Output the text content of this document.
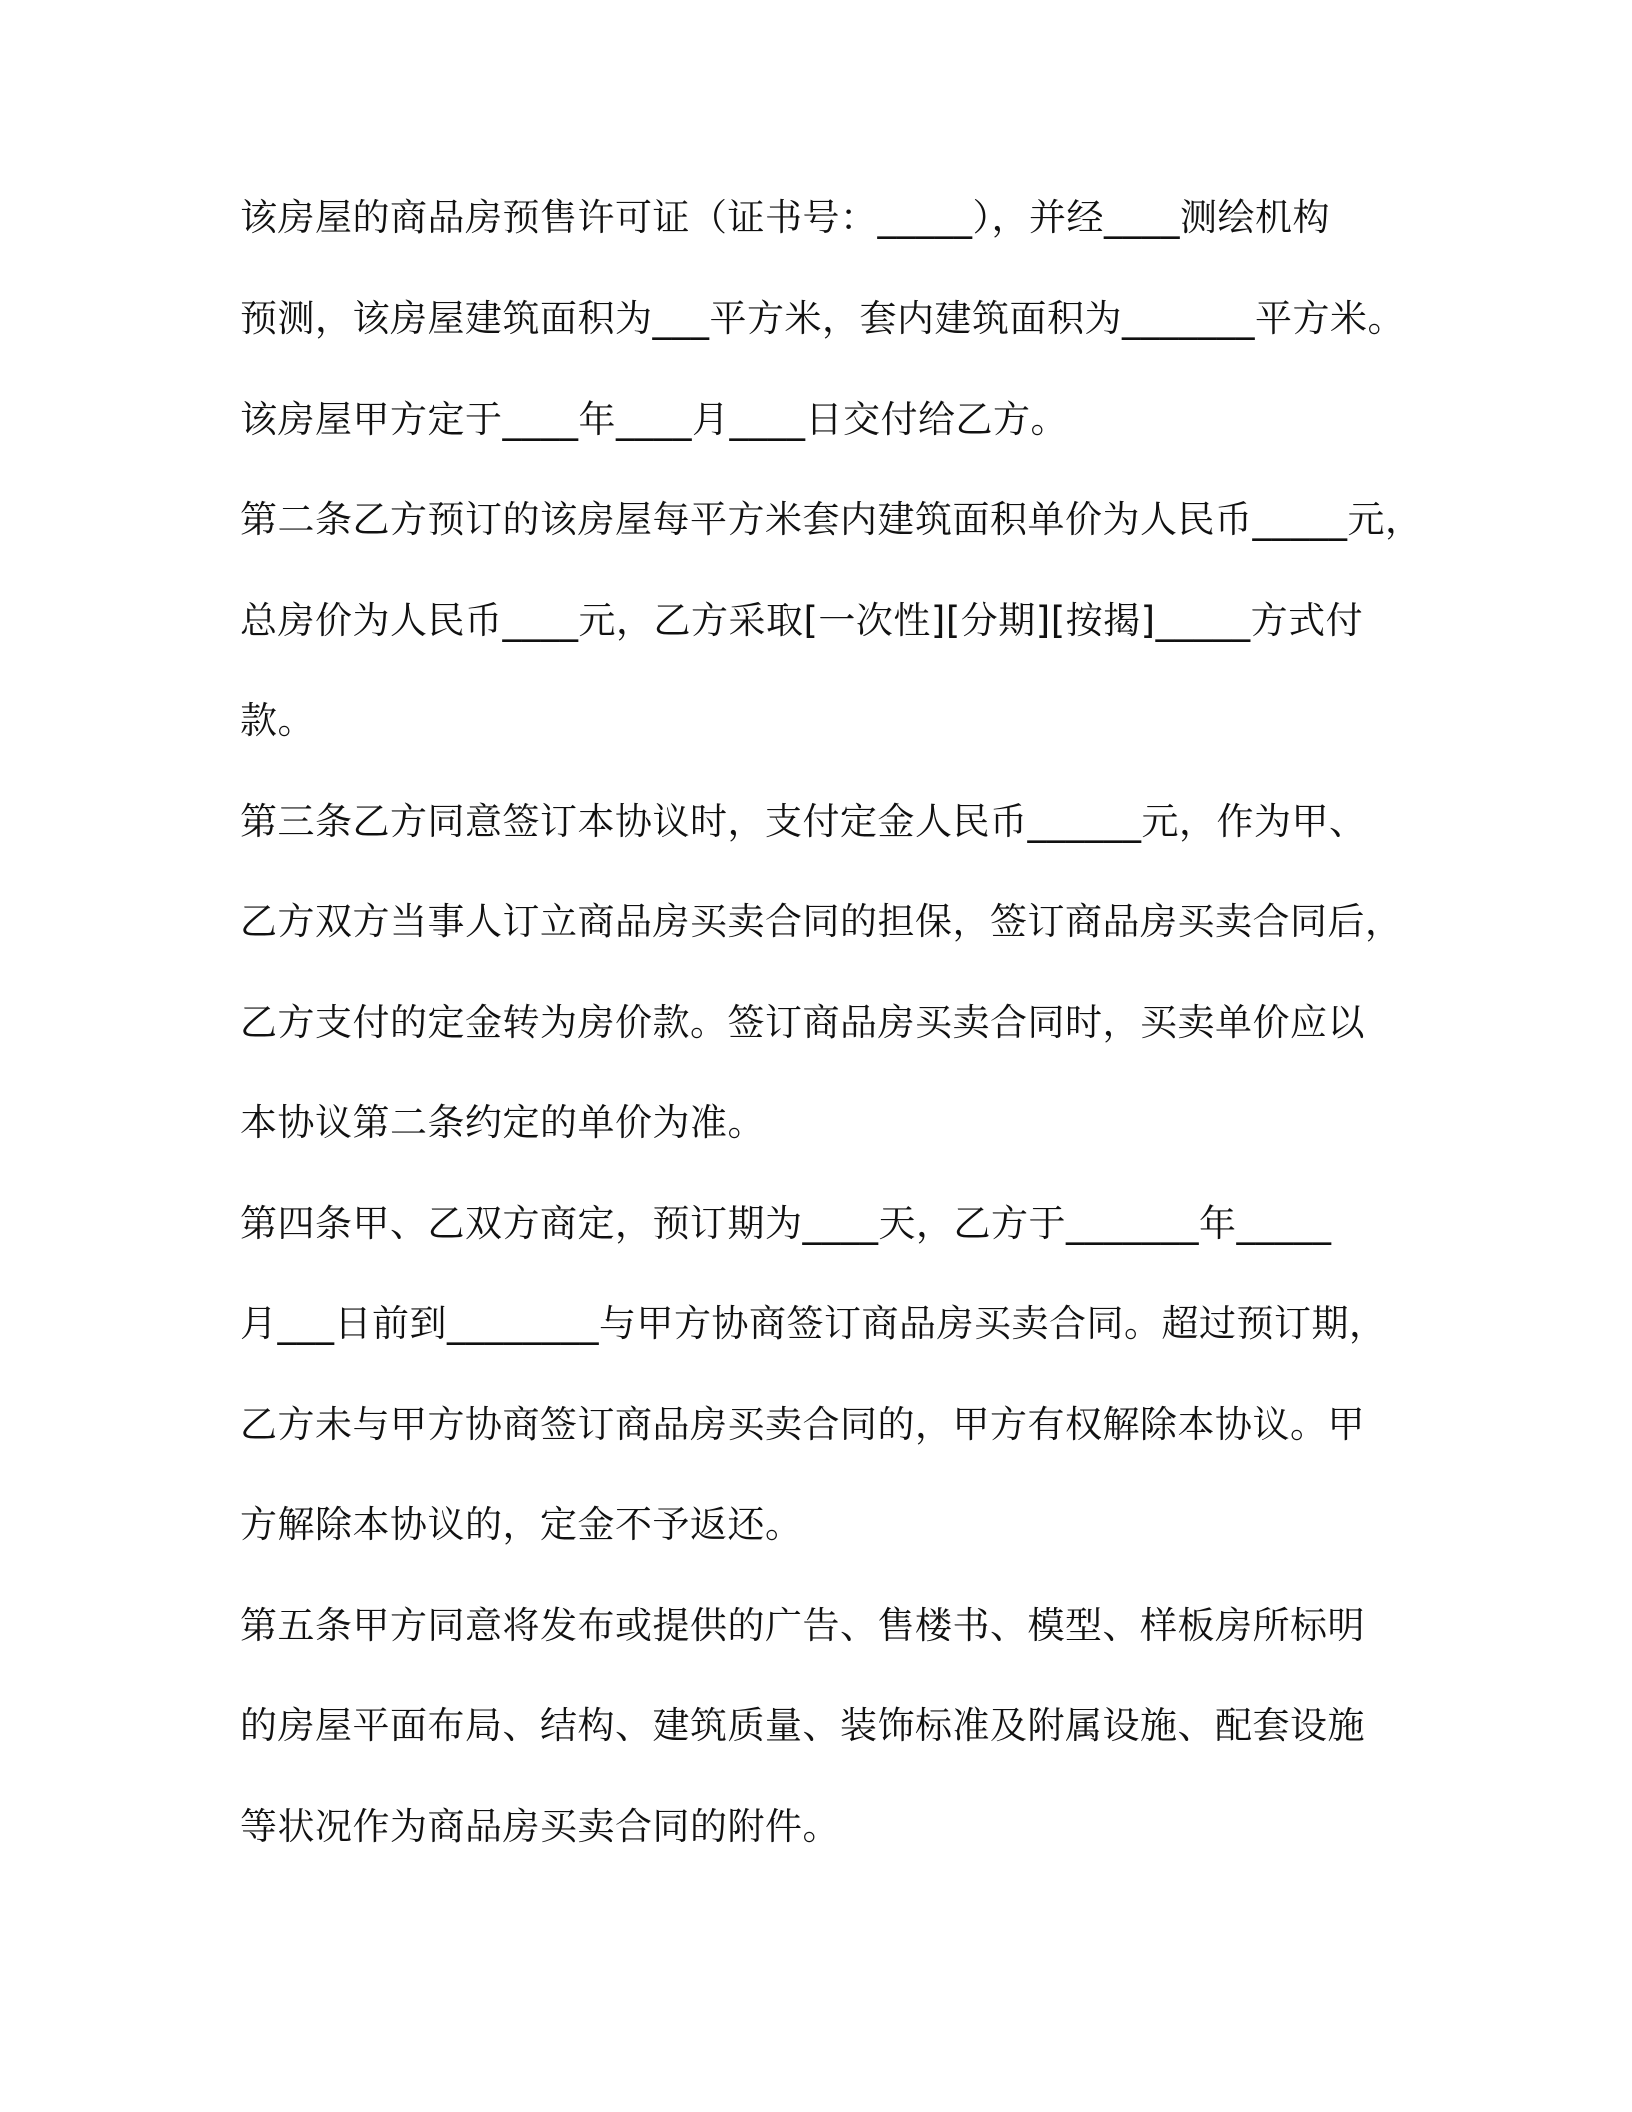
该房屋的商品房预售许可证（证书号：_____），并经____测绘机构
预测，该房屋建筑面积为___平方米，套内建筑面积为_______平方米。
该房屋甲方定于____年____月____日交付给乙方。
第二条乙方预订的该房屋每平方米套内建筑面积单价为人民币_____元，
总房价为人民币____元，乙方采取[一次性][分期][按揭]_____方式付
款。
第三条乙方同意签订本协议时，支付定金人民币______元，作为甲、
乙方双方当事人订立商品房买卖合同的担保，签订商品房买卖合同后，
乙方支付的定金转为房价款。签订商品房买卖合同时，买卖单价应以
本协议第二条约定的单价为准。
第四条甲、乙双方商定，预订期为____天，乙方于_______年_____
月___日前到________与甲方协商签订商品房买卖合同。超过预订期，
乙方未与甲方协商签订商品房买卖合同的，甲方有权解除本协议。甲
方解除本协议的，定金不予返还。
第五条甲方同意将发布或提供的广告、售楼书、模型、样板房所标明
的房屋平面布局、结构、建筑质量、装饰标准及附属设施、配套设施
等状况作为商品房买卖合同的附件。
